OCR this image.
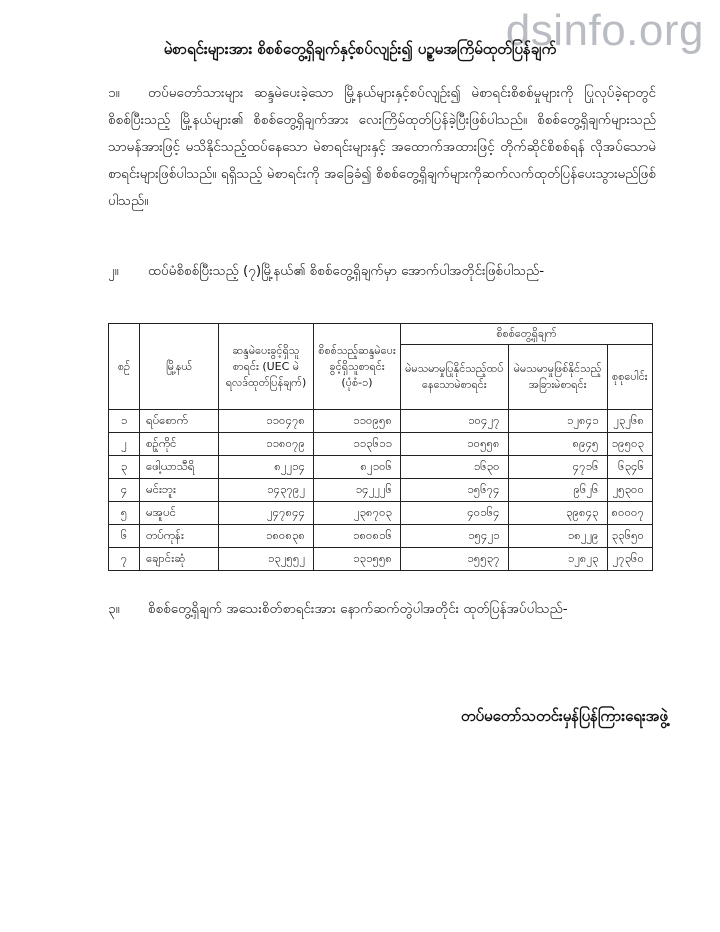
dsinfo.org
မဲစာရင်းများအား စိစစ်တွေ့ရှိချက်နှင့်စပ်လျဉ်း၍ ပဥ္စမအကြိမ်ထုတ်ပြန်ချက်
၁။ တပ်မတော်သားများ ဆန္ဒမဲပေးခဲ့သော မြို့နယ်များနှင့်စပ်လျဉ်း၍ မဲစာရင်းစိစစ်မှုများကို ပြုလုပ်ခဲ့ရာတွင် စိစစ်ပြီးသည့် မြို့နယ်များ၏ စိစစ်တွေ့ရှိချက်အား လေးကြိမ်ထုတ်ပြန်ခဲ့ပြီးဖြစ်ပါသည်။ စိစစ်တွေ့ရှိချက်များသည် သာမန်အားဖြင့် မသိနိုင်သည့်ထပ်နေသော မဲစာရင်းများနှင့် အထောက်အထားဖြင့် တိုက်ဆိုင်စိစစ်ရန် လိုအပ်သောမဲစာရင်းများဖြစ်ပါသည်။ ရရှိသည့် မဲစာရင်းကို အခြေခံ၍ စိစစ်တွေ့ရှိချက်များကိုဆက်လက်ထုတ်ပြန်ပေးသွားမည်ဖြစ်ပါသည်။
၂။ ထပ်မံစိစစ်ပြီးသည့် (၇)မြို့နယ်၏ စိစစ်တွေ့ရှိချက်မှာ အောက်ပါအတိုင်းဖြစ်ပါသည်-
စဉ်	မြို့နယ်	ဆန္ဒမဲပေးခွင့်ရှိသူစာရင်း (UEC မဲရလဒ်ထုတ်ပြန်ချက်)	စိစစ်သည့်ဆန္ဒမဲပေးခွင့်ရှိသူစာရင်း (ပုံစံ-၁)	စိစစ်တွေ့ရှိချက်		
				မဲမသမာမှုပြုနိုင်သည့်ထပ်နေသောမဲစာရင်း	မဲမသမာမှုဖြစ်နိုင်သည့်အခြားမဲစာရင်း	စုစုပေါင်း
၁	ရပ်စောက်	၁၁၀၄၇၈	၁၁၀၉၅၈	၁၀၄၂၇	၁၂၈၄၁	၂၃၂၆၈
၂	စဉ့်ကိုင်	၁၁၈၀၇၉	၁၁၃၆၁၁	၁၀၅၅၈	၈၉၄၅	၁၉၅၀၃
၃	ဖေါ့ယာသီရိ	၈၂၂၁၄	၈၂၁၀၆	၁၆၃၀	၄၇၁၆	၆၃၄၆
၄	မင်းဘူး	၁၄၃၇၉၂	၁၄၂၂၂၆	၁၅၆၇၄	၉၆၂၆	၂၅၃၀၀
၅	မအူပင်	၂၄၇၈၄၄	၂၃၈၇၀၃	၄၀၁၆၄	၃၉၈၄၃	၈၀၀၀၇
၆	တပ်ကုန်း	၁၈၀၈၃၈	၁၈၀၈၁၆	၁၅၄၂၁	၁၈၂၂၉	၃၃၆၅၀
၇	ချောင်းဆုံ	၁၃၂၅၅၂	၁၃၁၅၅၈	၁၅၅၃၇	၁၂၈၂၃	၂၇၃၆၀
၃။ စိစစ်တွေ့ရှိချက် အသေးစိတ်စာရင်းအား နောက်ဆက်တွဲပါအတိုင်း ထုတ်ပြန်အပ်ပါသည်-
တပ်မတော်သတင်းမှန်ပြန်ကြားရေးအဖွဲ့
